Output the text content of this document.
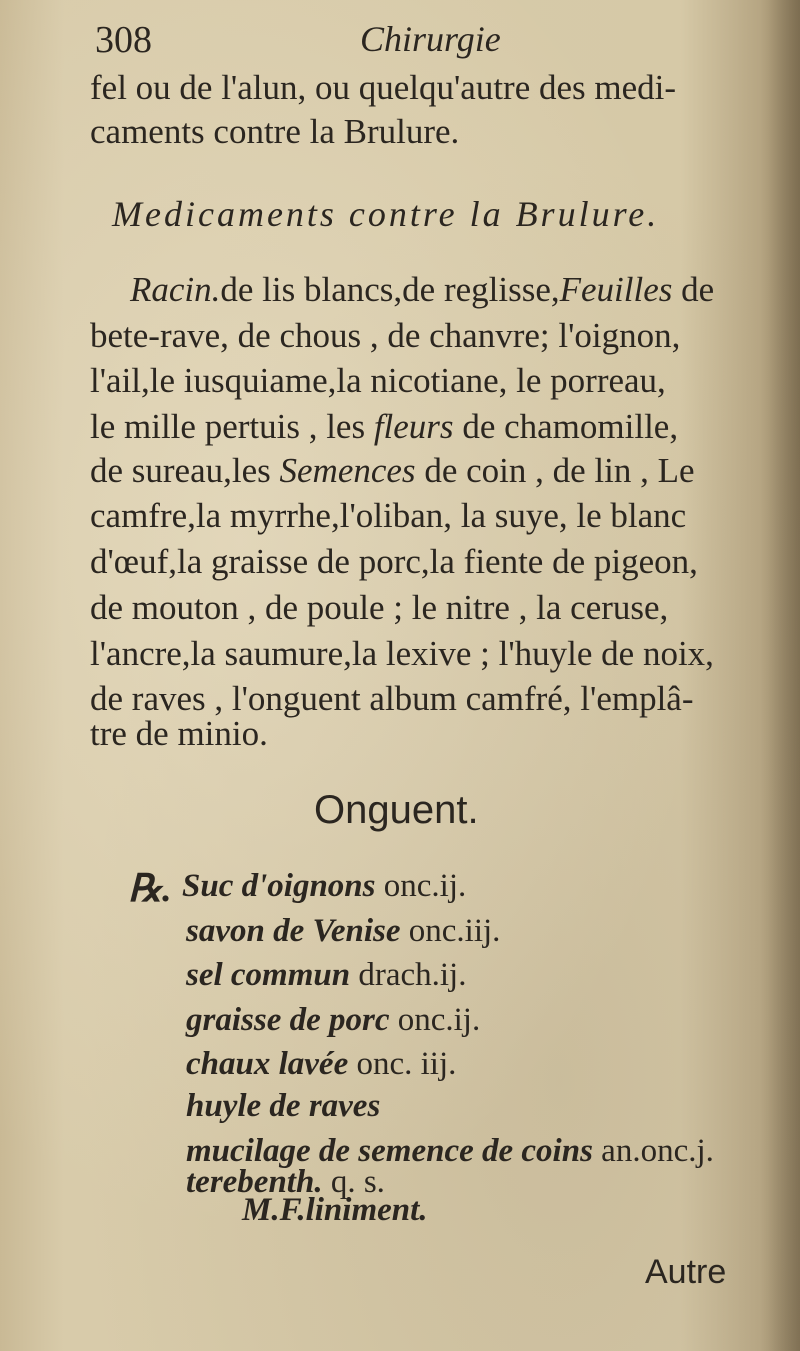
308	Chirurgie
fel ou de l'alun, ou quelqu'autre des medi-
caments contre la Brulure.
Medicaments contre la Brulure.
Racin.de lis blancs,de reglisse,Feuilles de
bete-rave, de chous , de chanvre; l'oignon,
l'ail,le iusquiame,la nicotiane, le porreau,
le mille pertuis , les fleurs de chamomille,
de sureau,les Semences de coin , de lin , Le
camfre,la myrrhe,l'oliban, la suye, le blanc
d'œuf,la graisse de porc,la fiente de pigeon,
de mouton , de poule ; le nitre , la ceruse,
l'ancre,la saumure,la lexive ; l'huyle de noix,
de raves , l'onguent album camfré, l'emplâ-
tre de minio.
Onguent.
℞. Suc d'oignons onc.ij.
savon de Venise onc.iij.
sel commun drach.ij.
graisse de porc onc.ij.
chaux lavée onc. iij.
huyle de raves
mucilage de semence de coins an.onc.j.
terebenth. q. s.
M.F.liniment.
Autre
